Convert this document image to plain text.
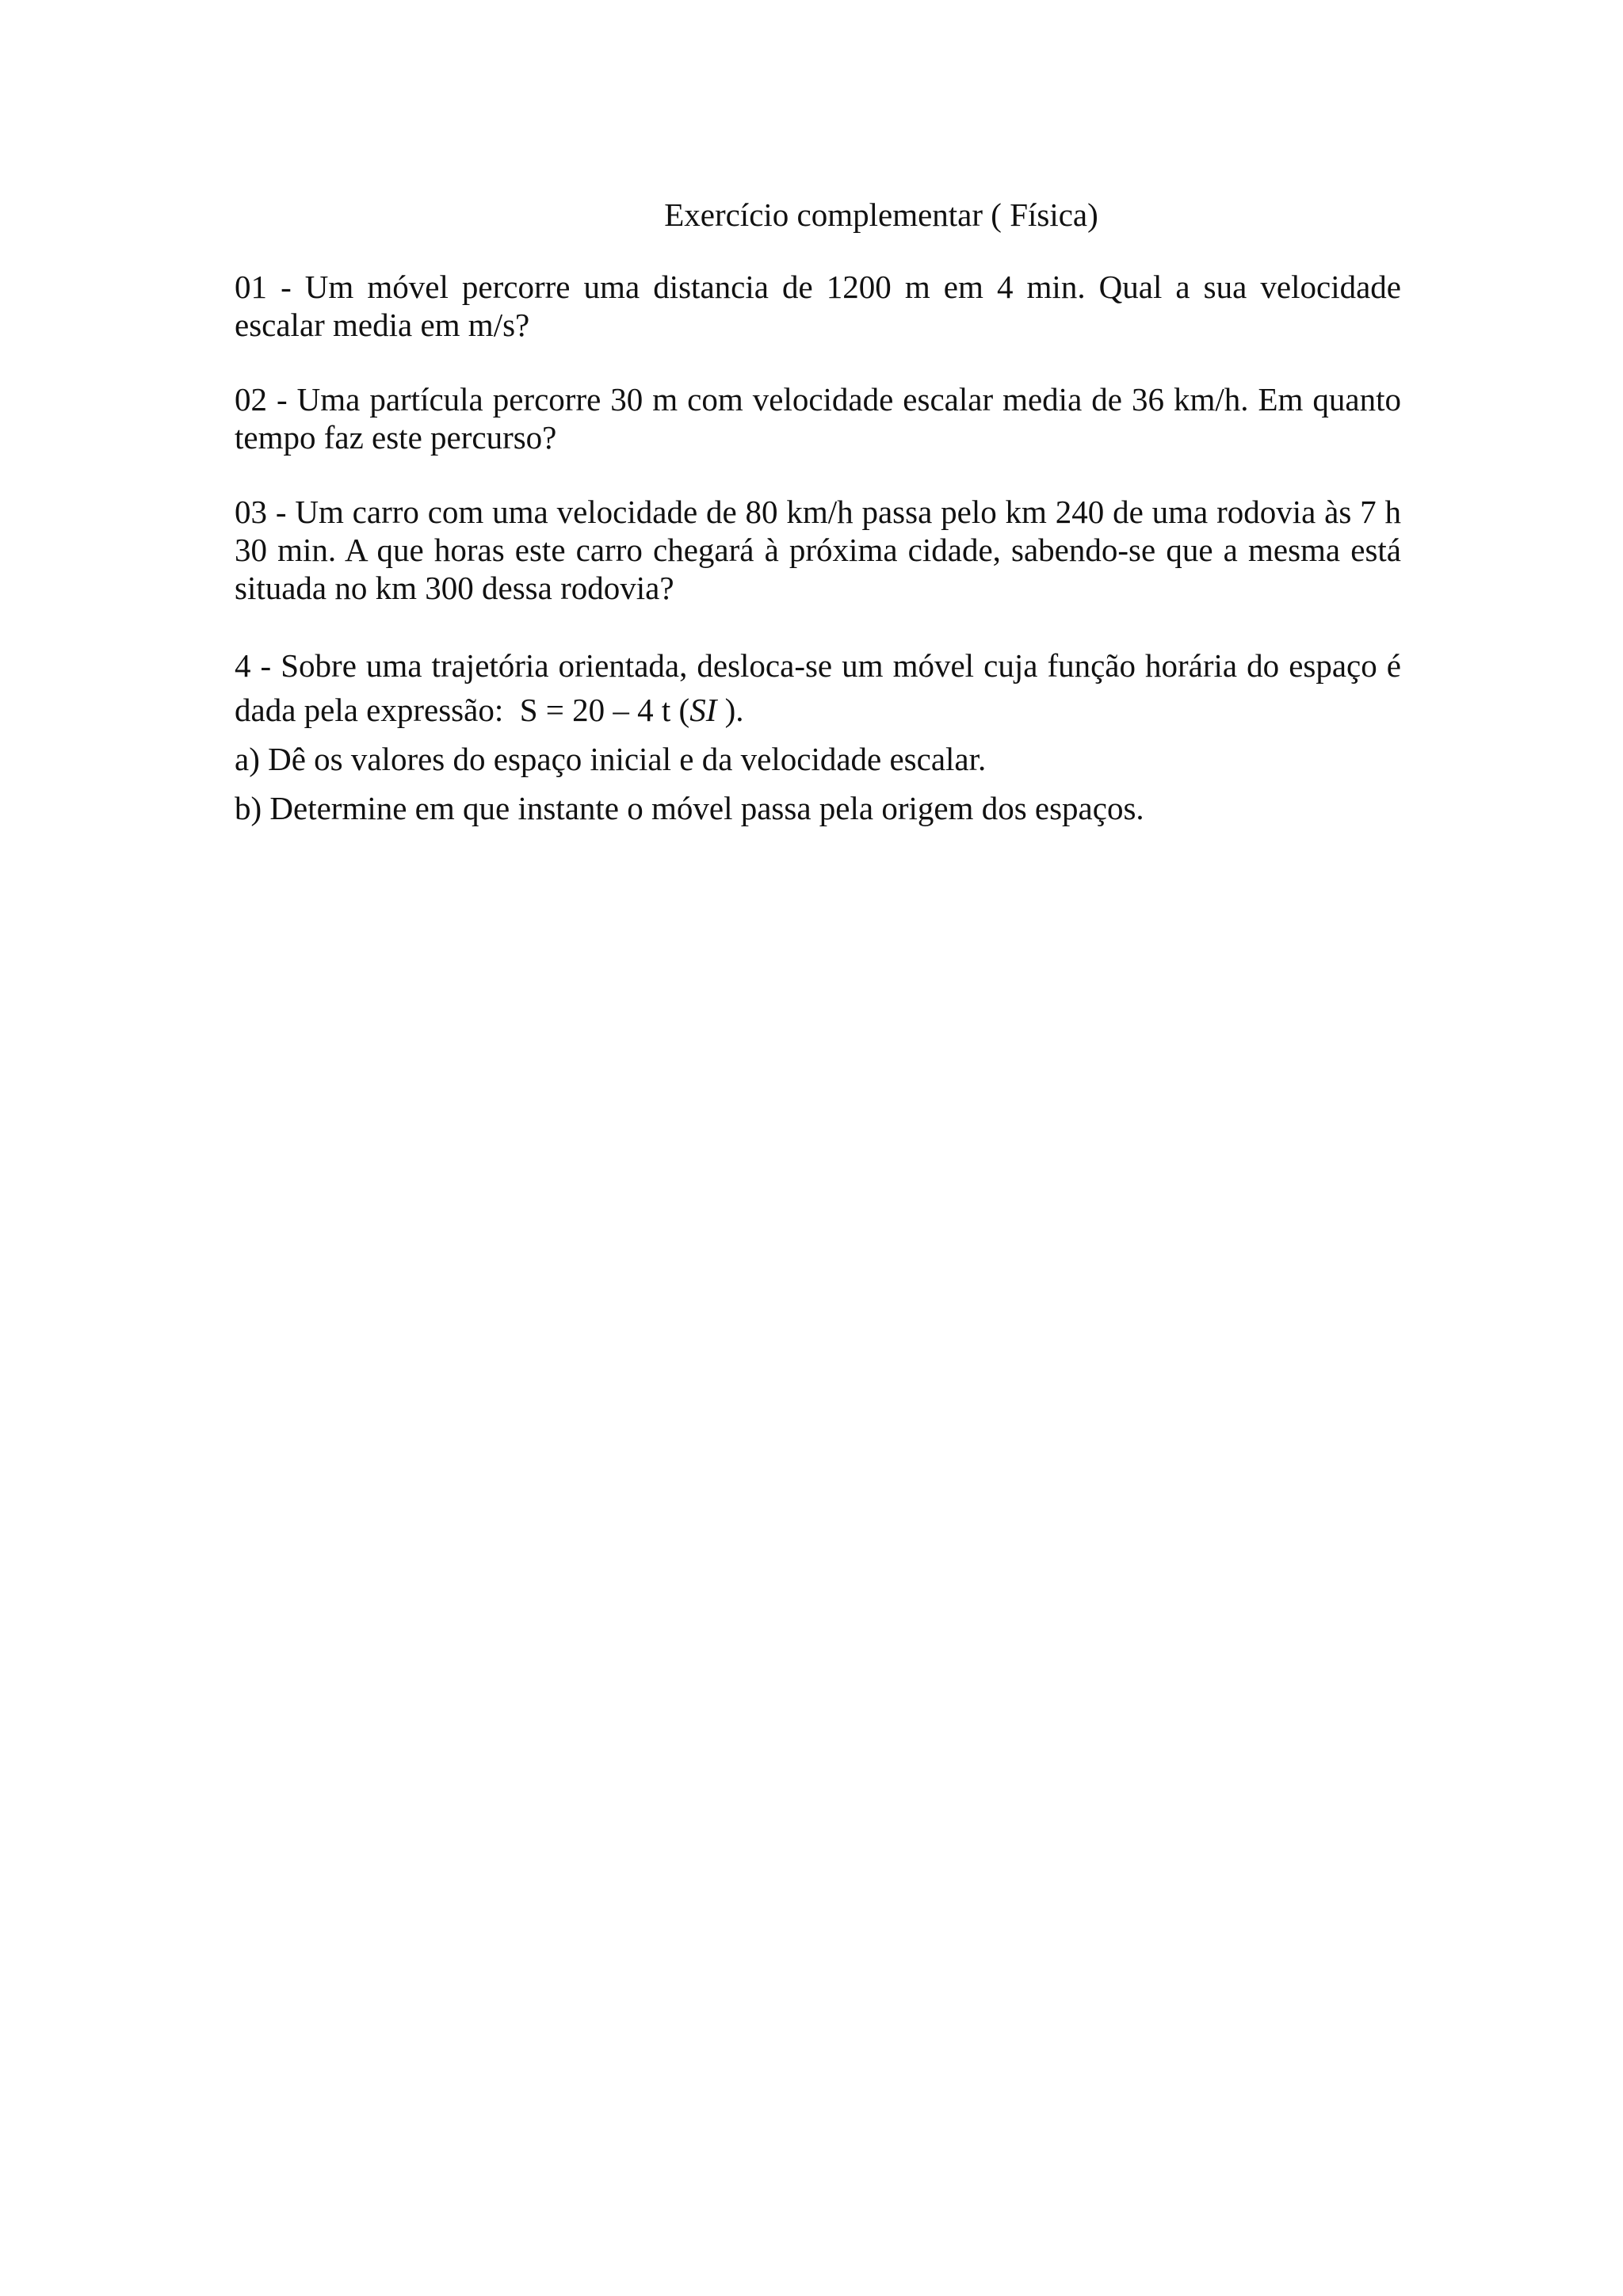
Exercício complementar ( Física)

01 - Um móvel percorre uma distancia de 1200 m em 4 min. Qual a sua velocidade escalar media em m/s?

02 - Uma partícula percorre 30 m com velocidade escalar media de 36 km/h. Em quanto tempo faz este percurso?

03 - Um carro com uma velocidade de 80 km/h passa pelo km 240 de uma rodovia às 7 h 30 min. A que horas este carro chegará à próxima cidade, sabendo-se que a mesma está situada no km 300 dessa rodovia?

4 - Sobre uma trajetória orientada, desloca-se um móvel cuja função horária do espaço é dada pela expressão: S = 20 – 4 t (SI ).

a) Dê os valores do espaço inicial e da velocidade escalar.

b) Determine em que instante o móvel passa pela origem dos espaços.
